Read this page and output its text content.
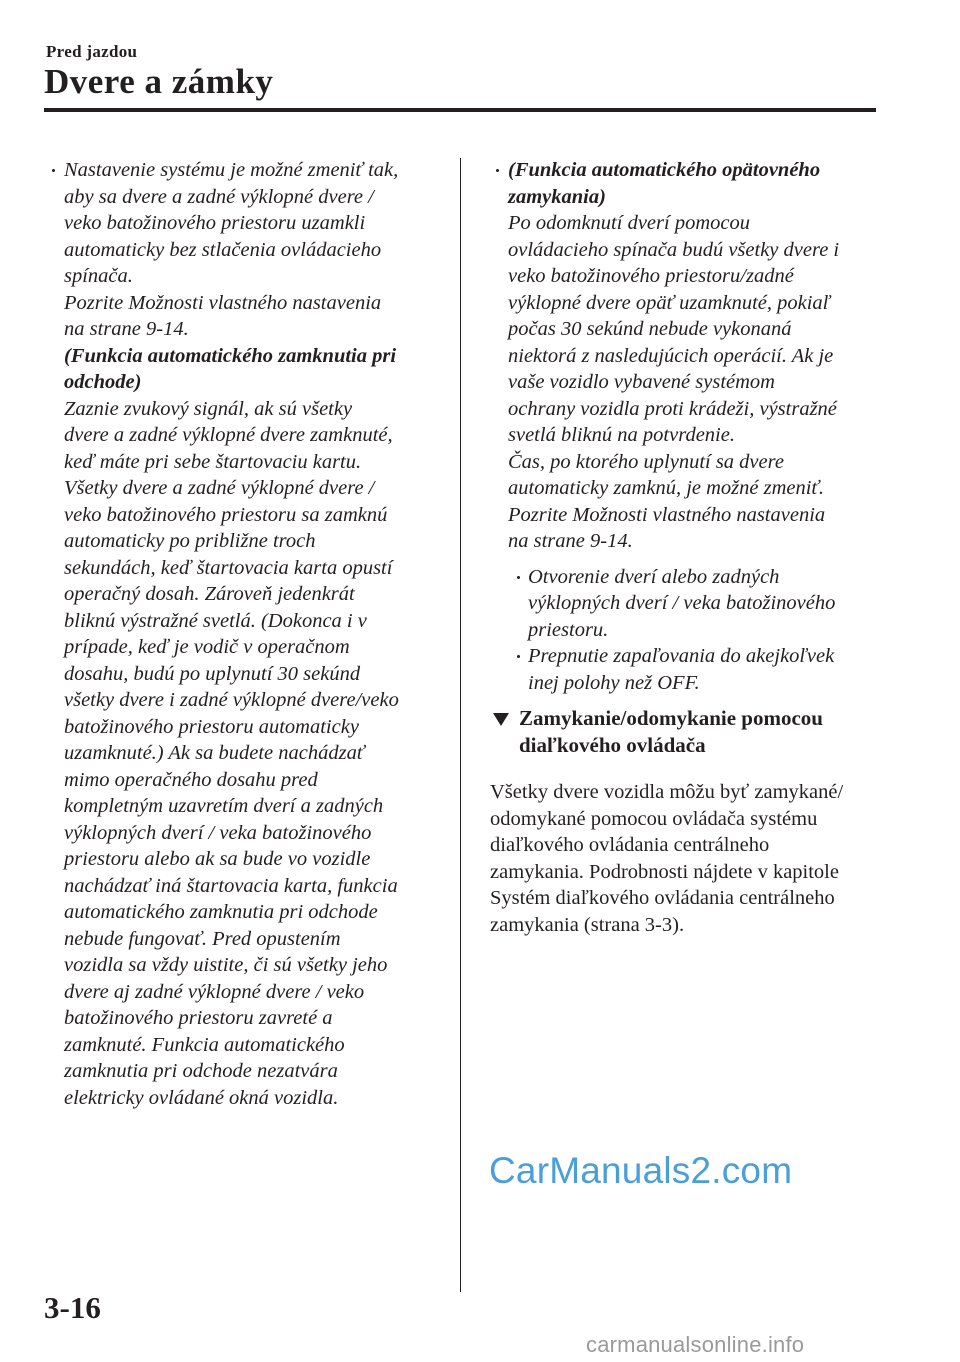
Pred jazdou
Dvere a zámky
Nastavenie systému je možné zmeniť tak,
aby sa dvere a zadné výklopné dvere /
veko batožinového priestoru uzamkli
automaticky bez stlačenia ovládacieho
spínača.
Pozrite Možnosti vlastného nastavenia
na strane 9-14.
(Funkcia automatického zamknutia pri
odchode)
Zaznie zvukový signál, ak sú všetky
dvere a zadné výklopné dvere zamknuté,
keď máte pri sebe štartovaciu kartu.
Všetky dvere a zadné výklopné dvere /
veko batožinového priestoru sa zamknú
automaticky po približne troch
sekundách, keď štartovacia karta opustí
operačný dosah. Zároveň jedenkrát
bliknú výstražné svetlá. (Dokonca i v
prípade, keď je vodič v operačnom
dosahu, budú po uplynutí 30 sekúnd
všetky dvere i zadné výklopné dvere/veko
batožinového priestoru automaticky
uzamknuté.) Ak sa budete nachádzať
mimo operačného dosahu pred
kompletným uzavretím dverí a zadných
výklopných dverí / veka batožinového
priestoru alebo ak sa bude vo vozidle
nachádzať iná štartovacia karta, funkcia
automatického zamknutia pri odchode
nebude fungovať. Pred opustením
vozidla sa vždy uistite, či sú všetky jeho
dvere aj zadné výklopné dvere / veko
batožinového priestoru zavreté a
zamknuté. Funkcia automatického
zamknutia pri odchode nezatvára
elektricky ovládané okná vozidla.
(Funkcia automatického opätovného
zamykania)
Po odomknutí dverí pomocou
ovládacieho spínača budú všetky dvere i
veko batožinového priestoru/zadné
výklopné dvere opäť uzamknuté, pokiaľ
počas 30 sekúnd nebude vykonaná
niektorá z nasledujúcich operácií. Ak je
vaše vozidlo vybavené systémom
ochrany vozidla proti krádeži, výstražné
svetlá bliknú na potvrdenie.
Čas, po ktorého uplynutí sa dvere
automaticky zamknú, je možné zmeniť.
Pozrite Možnosti vlastného nastavenia
na strane 9-14.
Otvorenie dverí alebo zadných
výklopných dverí / veka batožinového
priestoru.
Prepnutie zapaľovania do akejkoľvek
inej polohy než OFF.
Zamykanie/odomykanie pomocou
diaľkového ovládača
Všetky dvere vozidla môžu byť zamykané/
odomykané pomocou ovládača systému
diaľkového ovládania centrálneho
zamykania. Podrobnosti nájdete v kapitole
Systém diaľkového ovládania centrálneho
zamykania (strana 3-3).
CarManuals2.com
3-16
carmanualsonline.info
